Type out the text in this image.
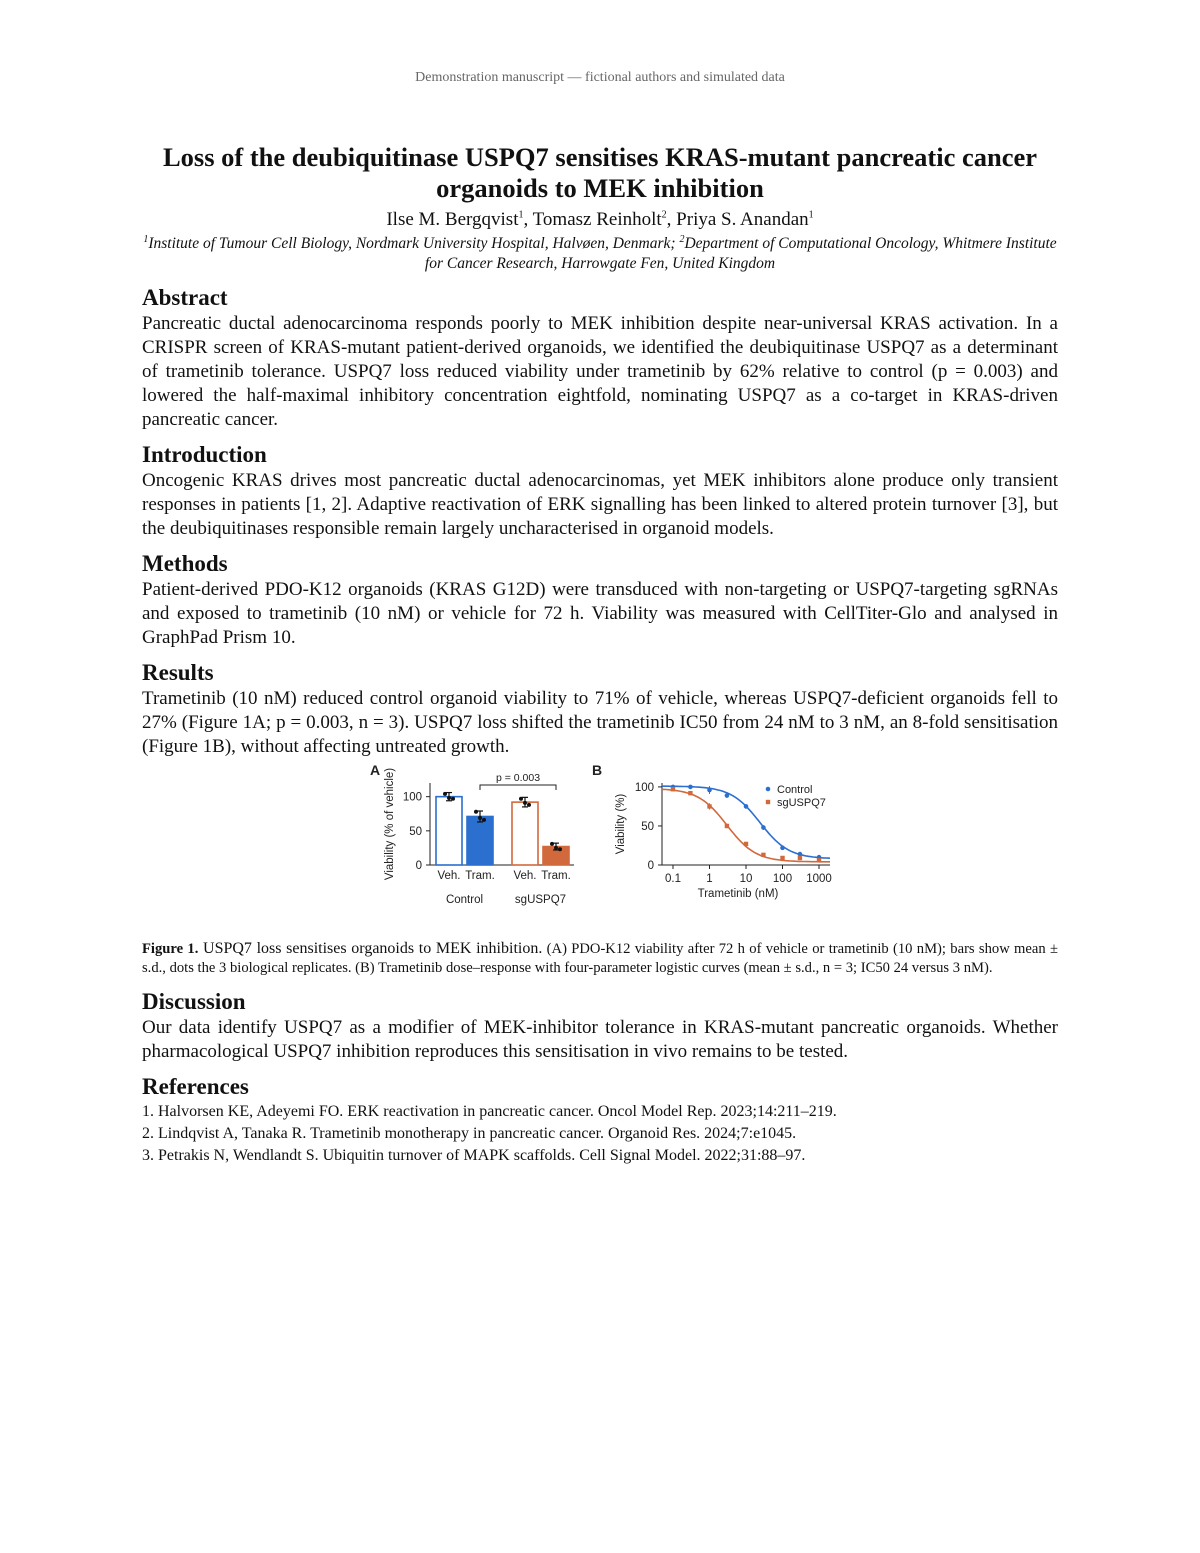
Demonstration manuscript — fictional authors and simulated data
Loss of the deubiquitinase USPQ7 sensitises KRAS-mutant pancreatic cancer organoids to MEK inhibition
Ilse M. Bergqvist$^1$, Tomasz Reinholt$^2$, Priya S. Anandan$^1$
$^1$Institute of Tumour Cell Biology, Nordmark University Hospital, Halvøen, Denmark; $^2$Department of Computational Oncology, Whitmere Institute for Cancer Research, Harrowgate Fen, United Kingdom
Abstract

Pancreatic ductal adenocarcinoma responds poorly to MEK inhibition despite near-universal KRAS activation. In a CRISPR screen of KRAS-mutant patient-derived organoids, we identified the deubiquitinase USPQ7 as a determinant of trametinib tolerance. USPQ7 loss reduced viability under trametinib by 62% relative to control (p = 0.003) and lowered the half-maximal inhibitory concentration eightfold, nominating USPQ7 as a co-target in KRAS-driven pancreatic cancer.

Introduction

Oncogenic KRAS drives most pancreatic ductal adenocarcinomas, yet MEK inhibitors alone produce only transient responses in patients [1, 2]. Adaptive reactivation of ERK signalling has been linked to altered protein turnover [3], but the deubiquitinases responsible remain largely uncharacterised in organoid models.

Methods

Patient-derived PDO-K12 organoids (KRAS G12D) were transduced with non-targeting or USPQ7-targeting sgRNAs and exposed to trametinib (10 nM) or vehicle for 72 h. Viability was measured with CellTiter-Glo and analysed in GraphPad Prism 10.

Results

Trametinib (10 nM) reduced control organoid viability to 71% of vehicle, whereas USPQ7-deficient organoids fell to 27% (Figure 1A; p = 0.003, n = 3). USPQ7 loss shifted the trametinib IC50 from 24 nM to 3 nM, an 8-fold sensitisation (Figure 1B), without affecting untreated growth.

A
0
50
100
Viability (% of vehicle)	Veh. Tram. Veh. Tram.
Control	sgUSPQ7
p = 0.003	B
0
50
100
0.1 1 10 100 1000
Trametinib (nM)
Viability (%)
Control
sgUSPQ7

Figure 1. USPQ7 loss sensitises organoids to MEK inhibition. (A) PDO-K12 viability after 72 h of vehicle or trametinib (10 nM); bars show mean ± s.d., dots the 3 biological replicates. (B) Trametinib dose–response with four-parameter logistic curves (mean ± s.d., n = 3; IC50 24 versus 3 nM).

Discussion

Our data identify USPQ7 as a modifier of MEK-inhibitor tolerance in KRAS-mutant pancreatic organoids. Whether pharmacological USPQ7 inhibition reproduces this sensitisation in vivo remains to be tested.

References
1. Halvorsen KE, Adeyemi FO. ERK reactivation in pancreatic cancer. Oncol Model Rep. 2023;14:211–219.
2. Lindqvist A, Tanaka R. Trametinib monotherapy in pancreatic cancer. Organoid Res. 2024;7:e1045.
3. Petrakis N, Wendlandt S. Ubiquitin turnover of MAPK scaffolds. Cell Signal Model. 2022;31:88–97.
